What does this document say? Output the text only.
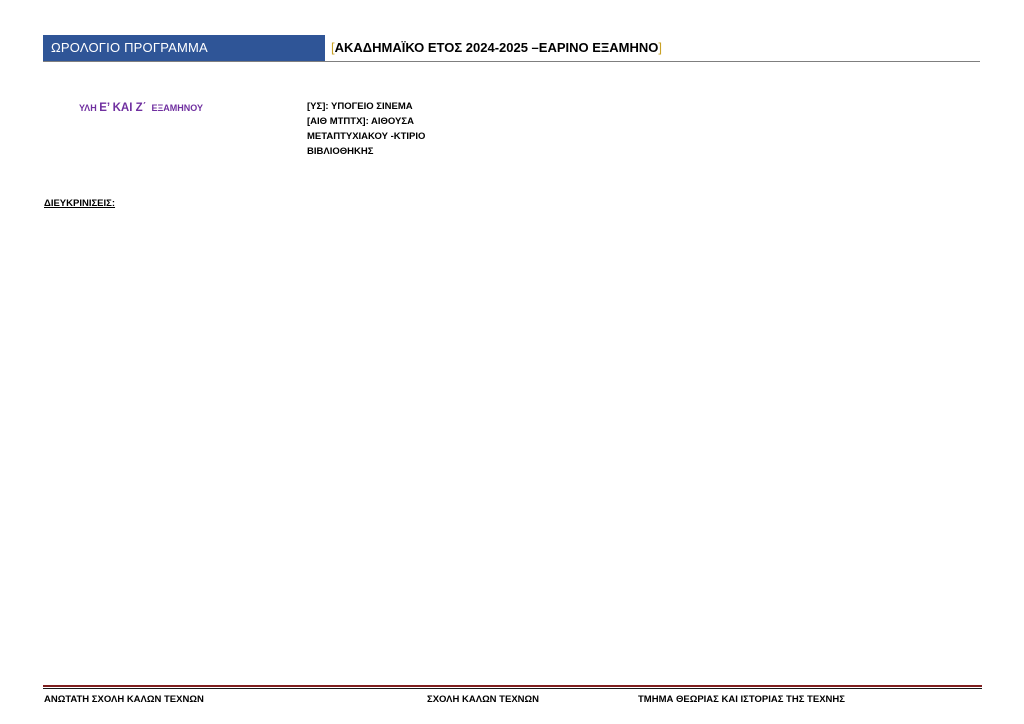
ΩΡΟΛΟΓΙΟ ΠΡΟΓΡΑΜΜΑ	[ΑΚΑΔΗΜΑΪΚΟ ΕΤΟΣ 2024-2025 –ΕΑΡΙΝΟ ΕΞΑΜΗΝΟ]
ΥΛΗ Ε’ ΚΑΙ Ζ΄  ΕΞΑΜΗΝΟΥ	[ΥΣ]: ΥΠΟΓΕΙΟ ΣΙΝΕΜΑ
[ΑΙΘ ΜΤΠΤΧ]: ΑΙΘΟΥΣΑ
ΜΕΤΑΠΤΥΧΙΑΚΟΥ -ΚΤΙΡΙΟ
ΒΙΒΛΙΟΘΗΚΗΣ
ΔΙΕΥΚΡΙΝΙΣΕΙΣ:
ΑΝΩΤΑΤΗ ΣΧΟΛΗ ΚΑΛΩΝ ΤΕΧΝΩΝ	ΣΧΟΛΗ ΚΑΛΩΝ ΤΕΧΝΩΝ	ΤΜΗΜΑ ΘΕΩΡΙΑΣ ΚΑΙ ΙΣΤΟΡΙΑΣ ΤΗΣ ΤΕΧΝΗΣ
